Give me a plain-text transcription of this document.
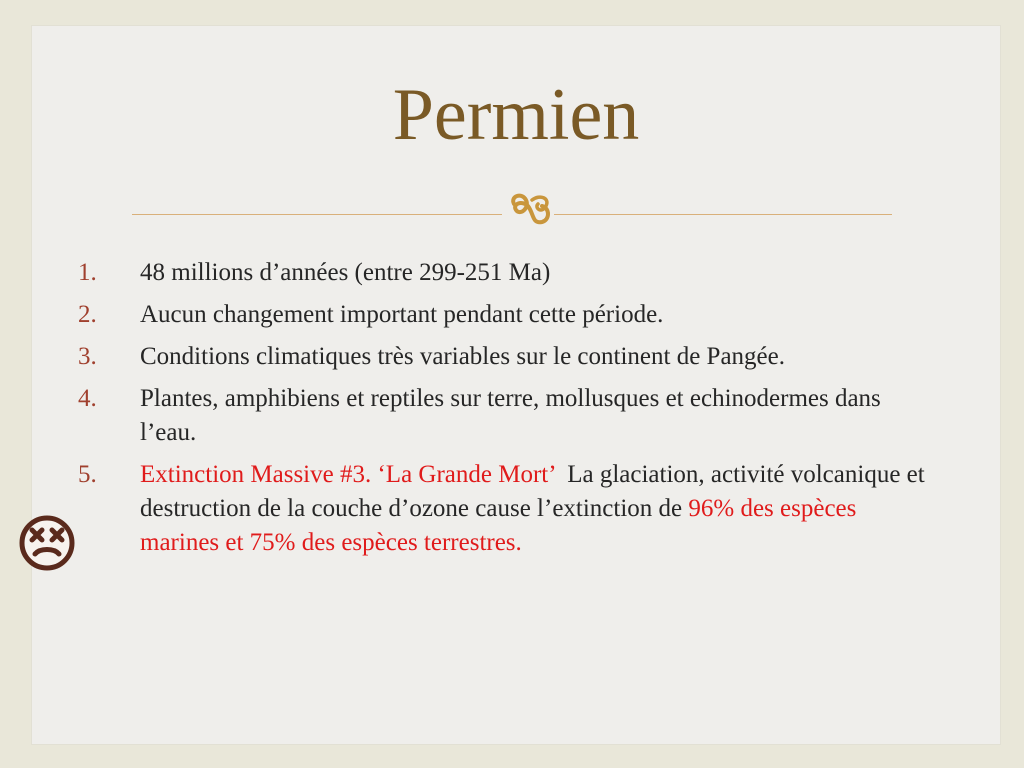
Permien
1.	48 millions d’années (entre 299-251 Ma)
2.	Aucun changement important pendant cette période.
3.	Conditions climatiques très variables sur le continent de Pangée.
4.	Plantes, amphibiens et reptiles sur terre, mollusques et echinodermes dans l’eau.
5.	Extinction Massive #3. ‘La Grande Mort’  La glaciation, activité volcanique et destruction de la couche d’ozone cause l’extinction de 96% des espèces marines et 75% des espèces terrestres.
